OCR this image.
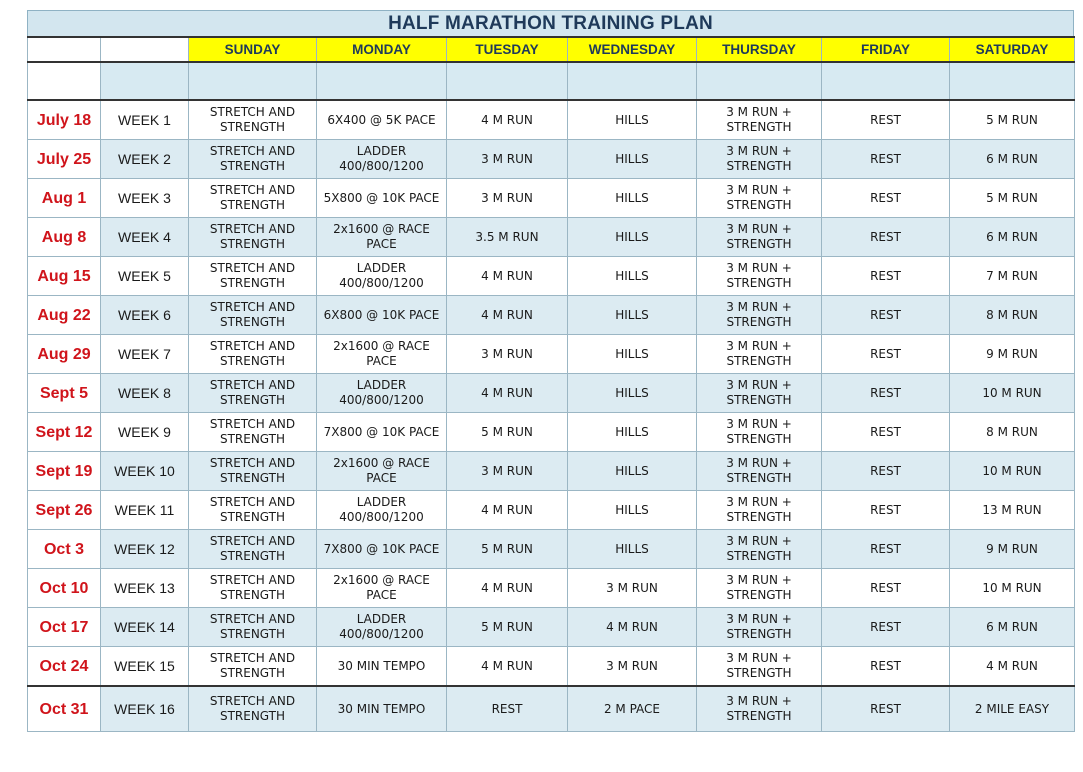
HALF MARATHON TRAINING PLAN
		SUNDAY	MONDAY	TUESDAY	WEDNESDAY	THURSDAY	FRIDAY	SATURDAY

July 18	WEEK 1	STRETCH AND STRENGTH	6X400 @ 5K PACE	4 M RUN	HILLS	3 M RUN + STRENGTH	REST	5 M RUN
July 25	WEEK 2	STRETCH AND STRENGTH	LADDER 400/800/1200	3 M RUN	HILLS	3 M RUN + STRENGTH	REST	6 M RUN
Aug 1	WEEK 3	STRETCH AND STRENGTH	5X800 @ 10K PACE	3 M RUN	HILLS	3 M RUN + STRENGTH	REST	5 M RUN
Aug 8	WEEK 4	STRETCH AND STRENGTH	2x1600 @ RACE PACE	3.5 M RUN	HILLS	3 M RUN + STRENGTH	REST	6 M RUN
Aug 15	WEEK 5	STRETCH AND STRENGTH	LADDER 400/800/1200	4 M RUN	HILLS	3 M RUN + STRENGTH	REST	7 M RUN
Aug 22	WEEK 6	STRETCH AND STRENGTH	6X800 @ 10K PACE	4 M RUN	HILLS	3 M RUN + STRENGTH	REST	8 M RUN
Aug 29	WEEK 7	STRETCH AND STRENGTH	2x1600 @ RACE PACE	3 M RUN	HILLS	3 M RUN + STRENGTH	REST	9 M RUN
Sept 5	WEEK 8	STRETCH AND STRENGTH	LADDER 400/800/1200	4 M RUN	HILLS	3 M RUN + STRENGTH	REST	10 M RUN
Sept 12	WEEK 9	STRETCH AND STRENGTH	7X800 @ 10K PACE	5 M RUN	HILLS	3 M RUN + STRENGTH	REST	8 M RUN
Sept 19	WEEK 10	STRETCH AND STRENGTH	2x1600 @ RACE PACE	3 M RUN	HILLS	3 M RUN + STRENGTH	REST	10 M RUN
Sept 26	WEEK 11	STRETCH AND STRENGTH	LADDER 400/800/1200	4 M RUN	HILLS	3 M RUN + STRENGTH	REST	13 M RUN
Oct 3	WEEK 12	STRETCH AND STRENGTH	7X800 @ 10K PACE	5 M RUN	HILLS	3 M RUN + STRENGTH	REST	9 M RUN
Oct 10	WEEK 13	STRETCH AND STRENGTH	2x1600 @ RACE PACE	4 M RUN	3 M RUN	3 M RUN + STRENGTH	REST	10 M RUN
Oct 17	WEEK 14	STRETCH AND STRENGTH	LADDER 400/800/1200	5 M RUN	4 M RUN	3 M RUN + STRENGTH	REST	6 M RUN
Oct 24	WEEK 15	STRETCH AND STRENGTH	30 MIN TEMPO	4 M RUN	3 M RUN	3 M RUN + STRENGTH	REST	4 M RUN
Oct 31	WEEK 16	STRETCH AND STRENGTH	30 MIN TEMPO	REST	2 M PACE	3 M RUN + STRENGTH	REST	2 MILE EASY
